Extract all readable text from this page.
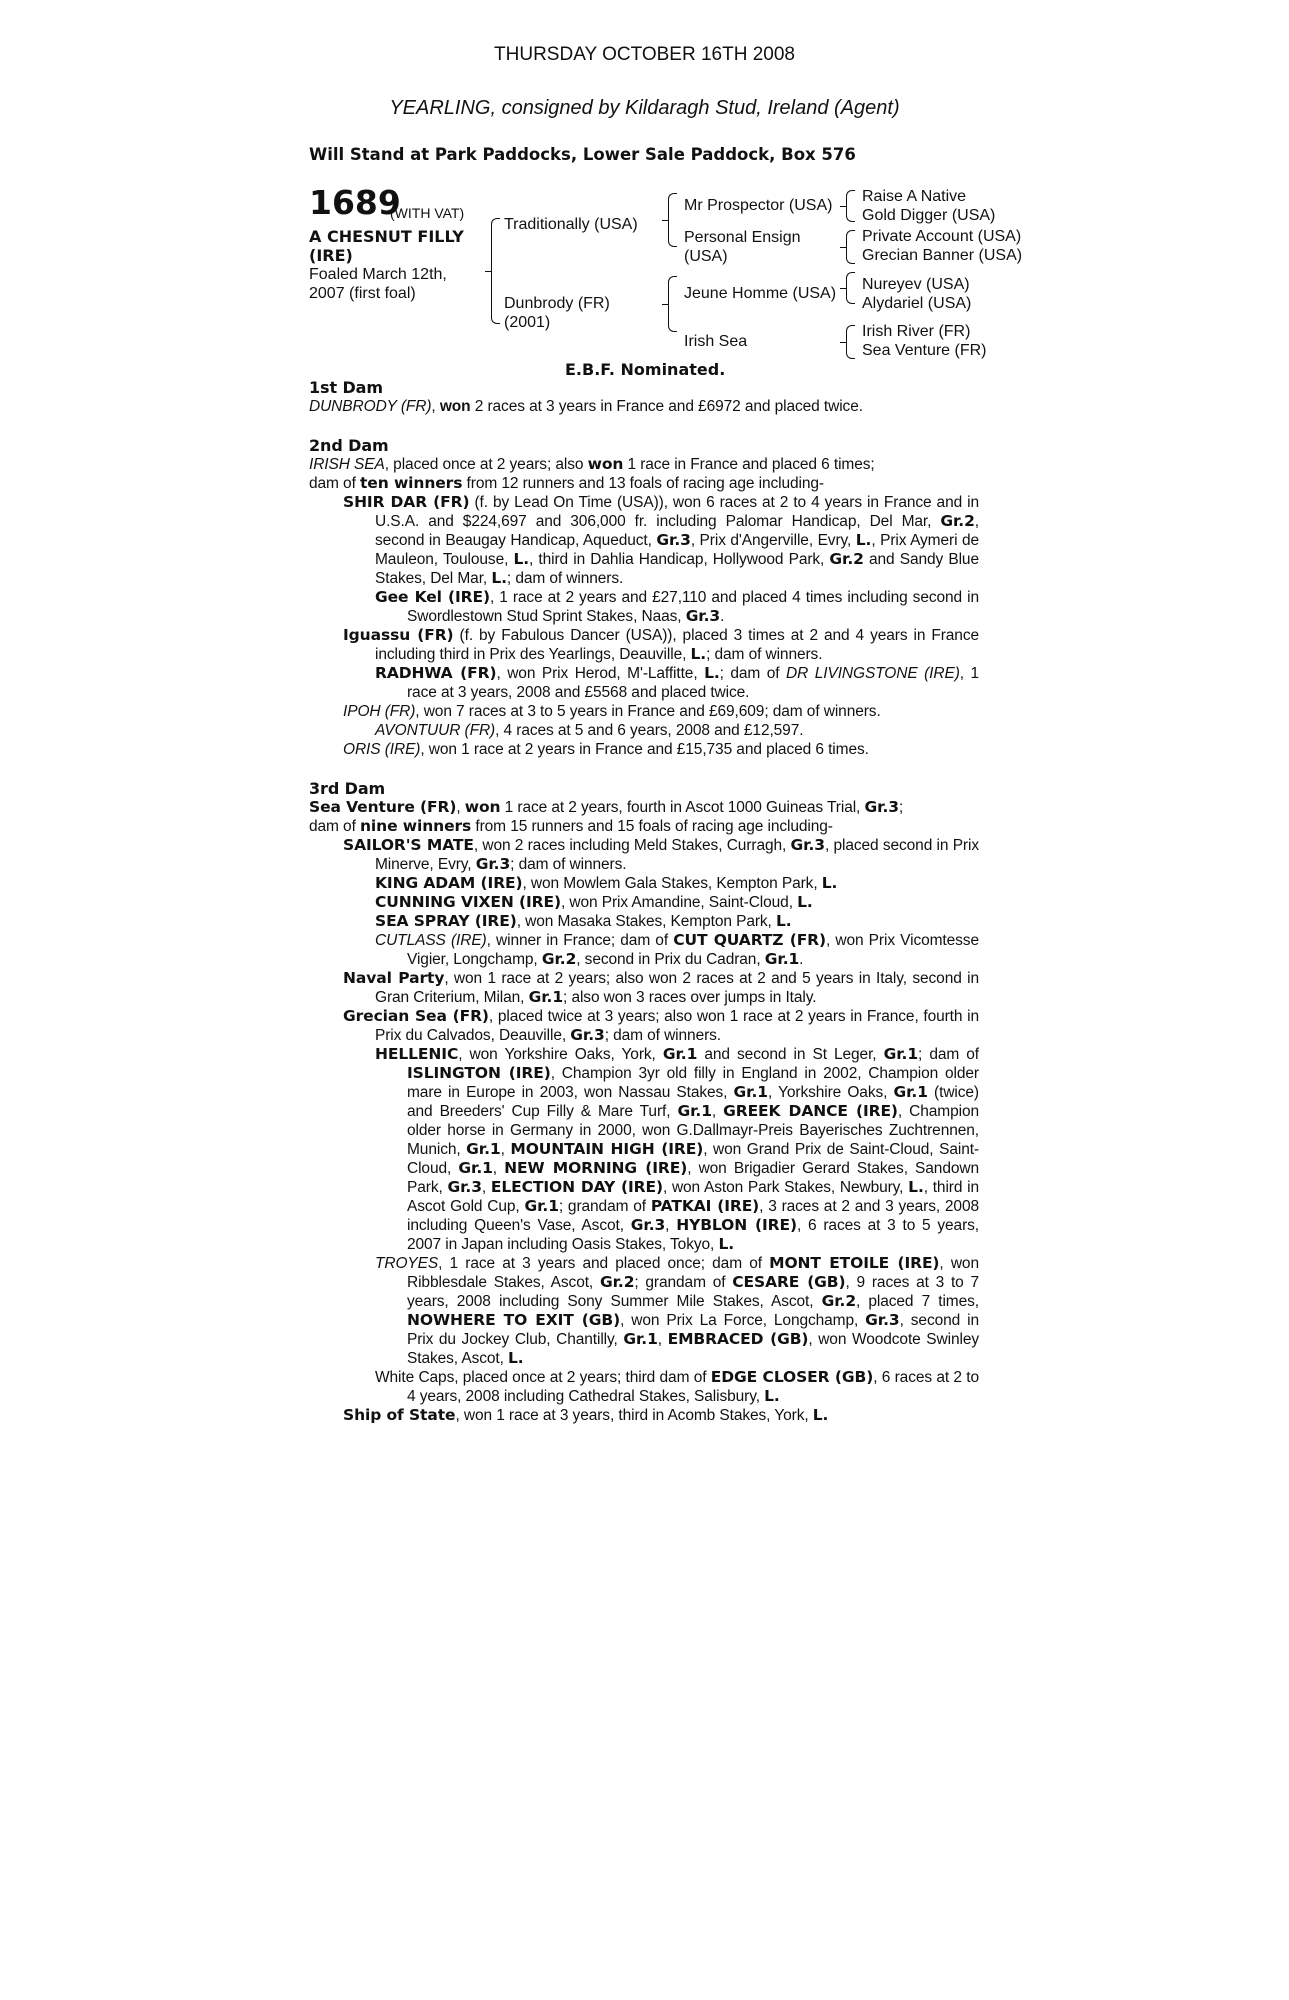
THURSDAY OCTOBER 16TH 2008
YEARLING, consigned by Kildaragh Stud, Ireland (Agent)
Will Stand at Park Paddocks, Lower Sale Paddock, Box 576
1689
(WITH VAT)
A CHESNUT FILLY (IRE)
Foaled March 12th, 2007 (first foal)
Traditionally (USA)
Dunbrody (FR)
(2001)
Mr Prospector (USA)
Personal Ensign
(USA)
Jeune Homme (USA)
Irish Sea
Raise A Native
Gold Digger (USA)
Private Account (USA)
Grecian Banner (USA)
Nureyev (USA)
Alydariel (USA)
Irish River (FR)
Sea Venture (FR)
E.B.F. Nominated.
1st Dam
DUNBRODY (FR), won 2 races at 3 years in France and £6972 and placed twice.
2nd Dam
IRISH SEA, placed once at 2 years; also won 1 race in France and placed 6 times;
dam of ten winners from 12 runners and 13 foals of racing age including-
SHIR DAR (FR) (f. by Lead On Time (USA)), won 6 races at 2 to 4 years in France and in U.S.A. and $224,697 and 306,000 fr. including Palomar Handicap, Del Mar, Gr.2, second in Beaugay Handicap, Aqueduct, Gr.3, Prix d'Angerville, Evry, L., Prix Aymeri de Mauleon, Toulouse, L., third in Dahlia Handicap, Hollywood Park, Gr.2 and Sandy Blue Stakes, Del Mar, L.; dam of winners.
Gee Kel (IRE), 1 race at 2 years and £27,110 and placed 4 times including second in Swordlestown Stud Sprint Stakes, Naas, Gr.3.
Iguassu (FR) (f. by Fabulous Dancer (USA)), placed 3 times at 2 and 4 years in France including third in Prix des Yearlings, Deauville, L.; dam of winners.
RADHWA (FR), won Prix Herod, M'-Laffitte, L.; dam of DR LIVINGSTONE (IRE), 1 race at 3 years, 2008 and £5568 and placed twice.
IPOH (FR), won 7 races at 3 to 5 years in France and £69,609; dam of winners.
AVONTUUR (FR), 4 races at 5 and 6 years, 2008 and £12,597.
ORIS (IRE), won 1 race at 2 years in France and £15,735 and placed 6 times.
3rd Dam
Sea Venture (FR), won 1 race at 2 years, fourth in Ascot 1000 Guineas Trial, Gr.3;
dam of nine winners from 15 runners and 15 foals of racing age including-
SAILOR'S MATE, won 2 races including Meld Stakes, Curragh, Gr.3, placed second in Prix Minerve, Evry, Gr.3; dam of winners.
KING ADAM (IRE), won Mowlem Gala Stakes, Kempton Park, L.
CUNNING VIXEN (IRE), won Prix Amandine, Saint-Cloud, L.
SEA SPRAY (IRE), won Masaka Stakes, Kempton Park, L.
CUTLASS (IRE), winner in France; dam of CUT QUARTZ (FR), won Prix Vicomtesse Vigier, Longchamp, Gr.2, second in Prix du Cadran, Gr.1.
Naval Party, won 1 race at 2 years; also won 2 races at 2 and 5 years in Italy, second in Gran Criterium, Milan, Gr.1; also won 3 races over jumps in Italy.
Grecian Sea (FR), placed twice at 3 years; also won 1 race at 2 years in France, fourth in Prix du Calvados, Deauville, Gr.3; dam of winners.
HELLENIC, won Yorkshire Oaks, York, Gr.1 and second in St Leger, Gr.1; dam of ISLINGTON (IRE), Champion 3yr old filly in England in 2002, Champion older mare in Europe in 2003, won Nassau Stakes, Gr.1, Yorkshire Oaks, Gr.1 (twice) and Breeders' Cup Filly & Mare Turf, Gr.1, GREEK DANCE (IRE), Champion older horse in Germany in 2000, won G.Dallmayr-Preis Bayerisches Zuchtrennen, Munich, Gr.1, MOUNTAIN HIGH (IRE), won Grand Prix de Saint-Cloud, Saint-Cloud, Gr.1, NEW MORNING (IRE), won Brigadier Gerard Stakes, Sandown Park, Gr.3, ELECTION DAY (IRE), won Aston Park Stakes, Newbury, L., third in Ascot Gold Cup, Gr.1; grandam of PATKAI (IRE), 3 races at 2 and 3 years, 2008 including Queen's Vase, Ascot, Gr.3, HYBLON (IRE), 6 races at 3 to 5 years, 2007 in Japan including Oasis Stakes, Tokyo, L.
TROYES, 1 race at 3 years and placed once; dam of MONT ETOILE (IRE), won Ribblesdale Stakes, Ascot, Gr.2; grandam of CESARE (GB), 9 races at 3 to 7 years, 2008 including Sony Summer Mile Stakes, Ascot, Gr.2, placed 7 times, NOWHERE TO EXIT (GB), won Prix La Force, Longchamp, Gr.3, second in Prix du Jockey Club, Chantilly, Gr.1, EMBRACED (GB), won Woodcote Swinley Stakes, Ascot, L.
White Caps, placed once at 2 years; third dam of EDGE CLOSER (GB), 6 races at 2 to 4 years, 2008 including Cathedral Stakes, Salisbury, L.
Ship of State, won 1 race at 3 years, third in Acomb Stakes, York, L.
